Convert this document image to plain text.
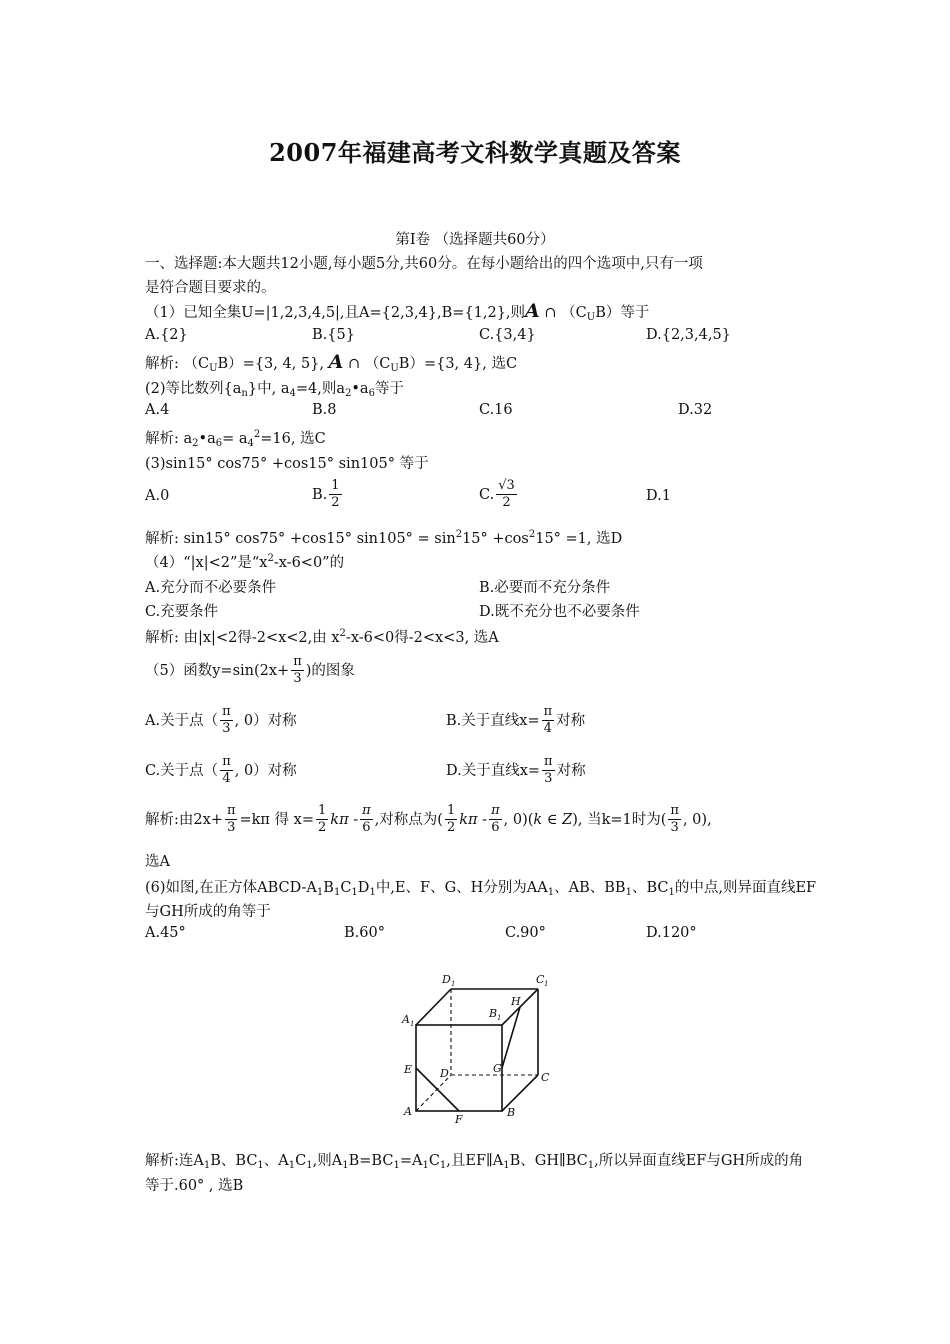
2007年福建高考文科数学真题及答案
第Ⅰ卷 （选择题共60分）
一、选择题:本大题共12小题,每小题5分,共60分。在每小题给出的四个选项中,只有一项
是符合题目要求的。
（1）已知全集U=|1,2,3,4,5|,且A={2,3,4},B={1,2},则A ∩ $(C_UB)$等于
A.{2}	B.{5}	C.{3,4}	D.{2,3,4,5}
解析: $(C_UB)=\{3$, 4, 5}, A ∩ $(C_UB)=\{3$, 4}, 选C
(2)等比数列$\{a_n\}$中, $a_4=4$,则$a_2•a_6$等于
A.4	B.8	C.16	D.32
解析: $a_2•a_6= a_4^2=16$, 选C
(3)sin15° cos75° +cos15° sin105° 等于
A.0	B. $\frac{1}{2}$	C. $\frac{√3}{2}$	D.1
解析: sin15° cos75° +cos15° $\sin 105^\circ = \sin^215^\circ +\cos^215^\circ =1$, 选D
（4）“|x|<2”是“$x^2-x-6<0$”的
A.充分而不必要条件	B.必要而不充分条件
C.充要条件	D.既不充分也不必要条件
解析: 由|x|<2得-2<x<2,由 $x^2-x-6<0$得-2<x<3, 选A
（5）函数$y=\sin(2x+ \frac{\pi}{3}$ )的图象
A.关于点（ $\frac{\pi}{3}$ , 0）对称	B.关于直线$x= \frac{\pi}{4}$ 对称
C.关于点（ $\frac{\pi}{4}$ , 0）对称	D.关于直线$x= \frac{\pi}{3}$ 对称
解析:由$2x+ \frac{\pi}{3} =k\pi$ 得 $x= \frac{1}{2}$ kπ - $\frac{\pi}{6}$ ,对称点为( $\frac{1}{2}$ kπ - $\frac{\pi}{6}$ , 0)(k ∈ Z), 当k=1时为( $\frac{\pi}{3}$ , 0),
选A
(6)如图,在正方体ABCD-$A_1B_1C_1D_1$中,E、F、G、H分别为$AA_1$、AB、$BB_1$、$BC_1$的中点,则异面直线EF
与GH所成的角等于
A.45°	B.60°	C.90°	D.120°
D 1	C 1
A 1
B 1
H
E	D	G
C
A
F
B
解析:连$A_1B$、$BC_1$、$A_1C_1$,则$A_1B=BC_1=A_1C_1$,且$EF\parallel A_1B$、$GH\parallel BC_1$,所以异面直线EF与GH所成的角
等于.60° , 选B
